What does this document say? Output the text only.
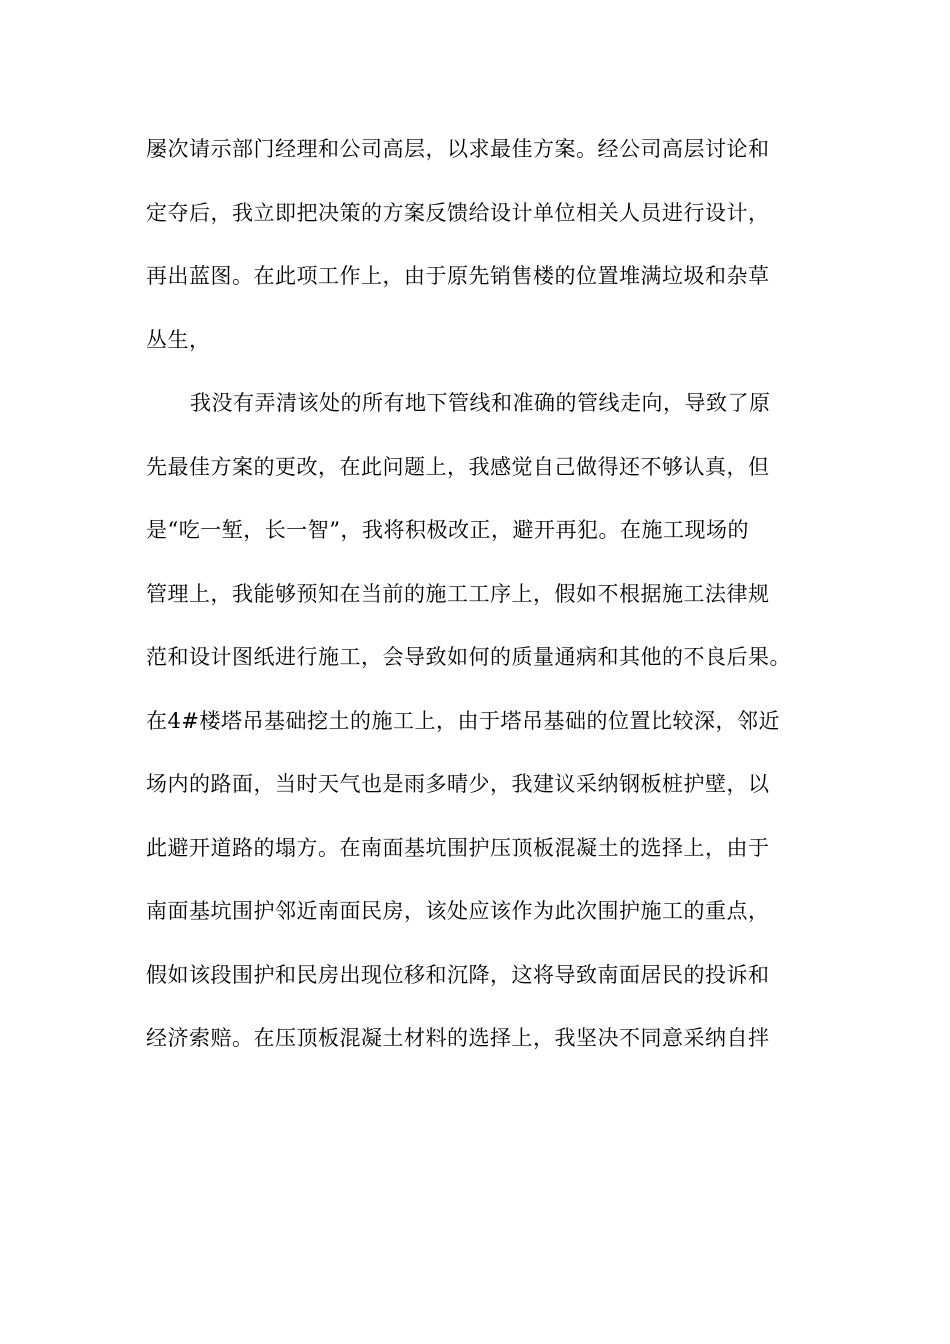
屡次请示部门经理和公司高层，以求最佳方案。经公司高层讨论和
定夺后，我立即把决策的方案反馈给设计单位相关人员进行设计，
再出蓝图。在此项工作上，由于原先销售楼的位置堆满垃圾和杂草
丛生，
我没有弄清该处的所有地下管线和准确的管线走向，导致了原
先最佳方案的更改，在此问题上，我感觉自己做得还不够认真，但
是“吃一堑，长一智”，我将积极改正，避开再犯。在施工现场的
管理上，我能够预知在当前的施工工序上，假如不根据施工法律规
范和设计图纸进行施工，会导致如何的质量通病和其他的不良后果。
在4#楼塔吊基础挖土的施工上，由于塔吊基础的位置比较深，邻近
场内的路面，当时天气也是雨多晴少，我建议采纳钢板桩护壁，以
此避开道路的塌方。在南面基坑围护压顶板混凝土的选择上，由于
南面基坑围护邻近南面民房，该处应该作为此次围护施工的重点，
假如该段围护和民房出现位移和沉降，这将导致南面居民的投诉和
经济索赔。在压顶板混凝土材料的选择上，我坚决不同意采纳自拌
